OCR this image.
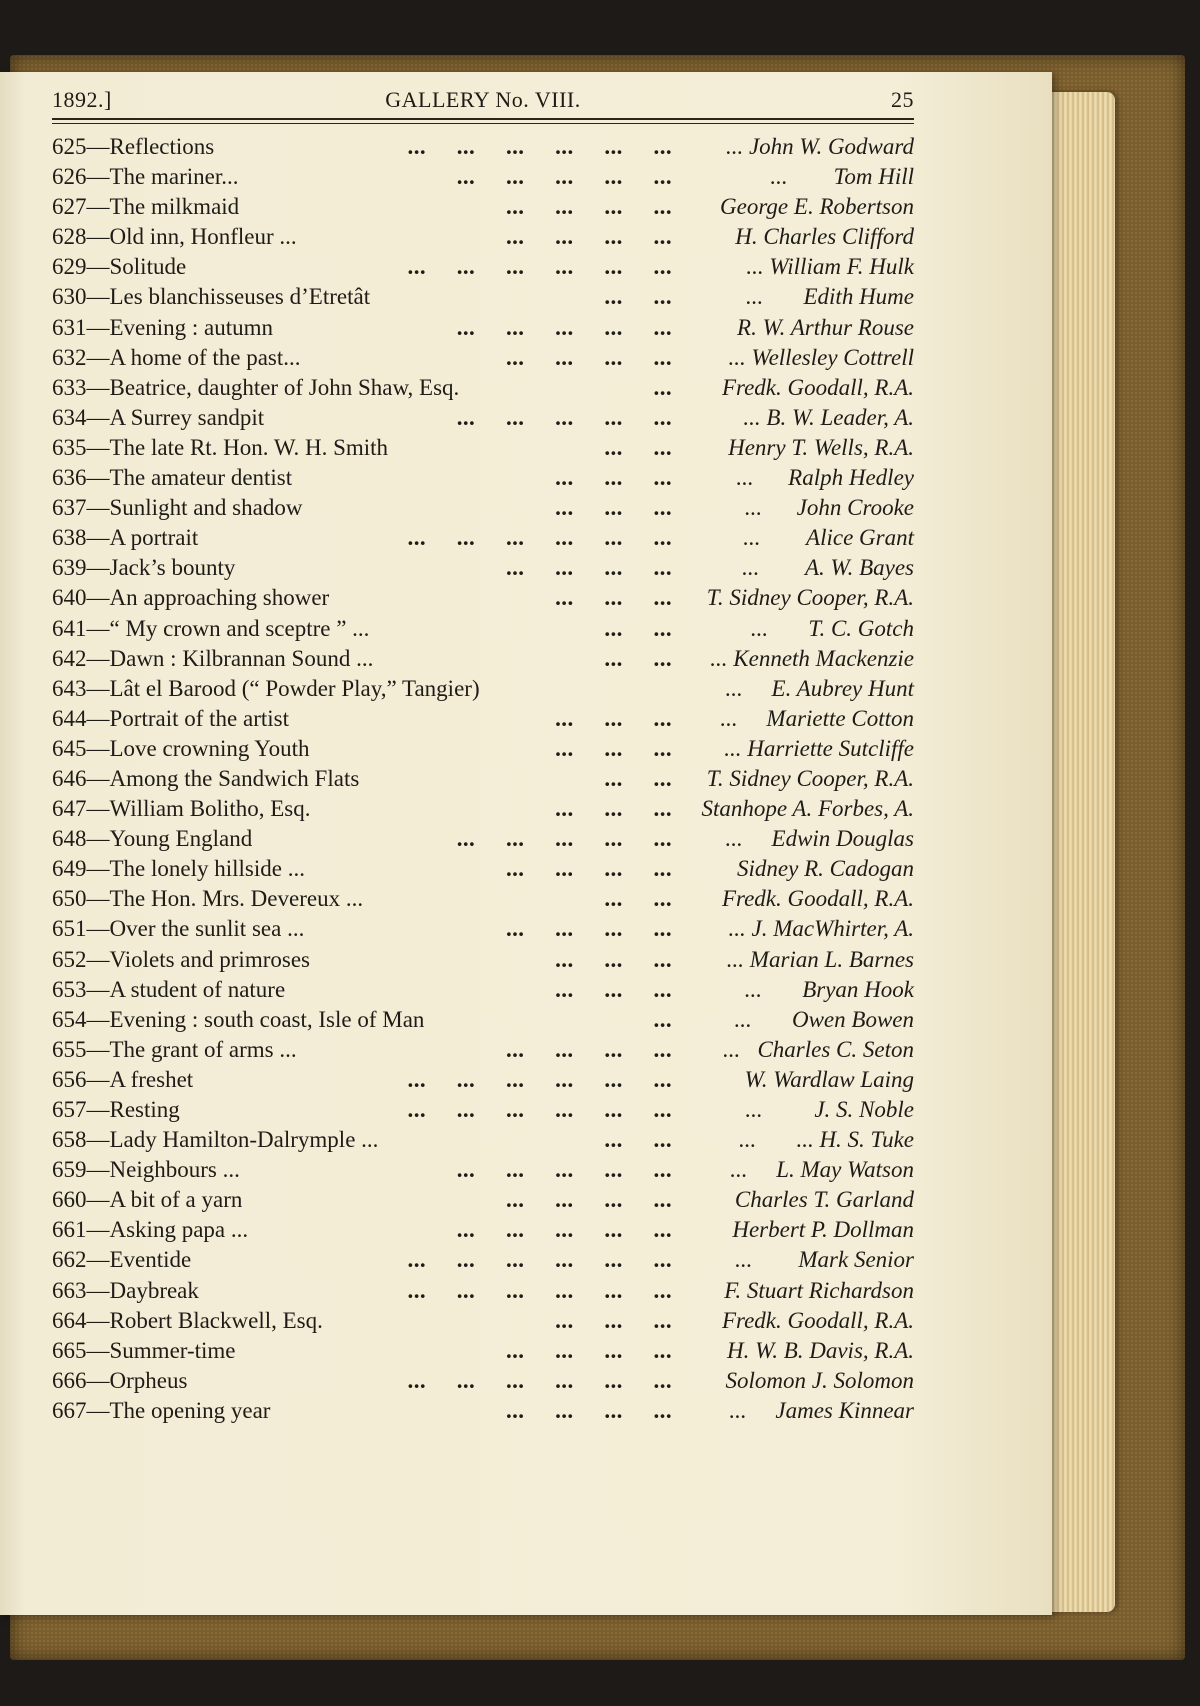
GALLERY No. VIII.
1892.]	25
625—Reflections	...     ...     ...     ...     ...     ... ... John W. Godward
626—The mariner...	...     ...     ...     ...     ...	...        Tom Hill
627—The milkmaid	...     ...     ...     ... George E. Robertson
628—Old inn, Honfleur ...	...     ...     ...     ...	H. Charles Clifford
629—Solitude	...     ...     ...     ...     ...     ...	... William F. Hulk
630—Les blanchisseuses d’Etretât	...     ...	...       Edith Hume
631—Evening : autumn	...     ...     ...     ...     ...	R. W. Arthur Rouse
632—A home of the past...	...     ...     ...     ... ... Wellesley Cottrell
633—Beatrice, daughter of John Shaw, Esq.	... Fredk. Goodall, R.A.
634—A Surrey sandpit	...     ...     ...     ...     ...	... B. W. Leader, A.
635—The late Rt. Hon. W. H. Smith	...     ... Henry T. Wells, R.A.
636—The amateur dentist	...     ...     ...	...      Ralph Hedley
637—Sunlight and shadow	...     ...     ...	...      John Crooke
638—A portrait	...     ...     ...     ...     ...     ...	...        Alice Grant
639—Jack’s bounty	...     ...     ...     ...	...        A. W. Bayes
640—An approaching shower	...     ...     ... T. Sidney Cooper, R.A.
641—“ My crown and sceptre ” ...	...     ...	...       T. C. Gotch
642—Dawn : Kilbrannan Sound ...	...     ... ... Kenneth Mackenzie
643—Lât el Barood (“ Powder Play,” Tangier)	...     E. Aubrey Hunt
644—Portrait of the artist	...     ...     ... ...     Mariette Cotton
645—Love crowning Youth	...     ...     ... ... Harriette Sutcliffe
646—Among the Sandwich Flats	...     ... T. Sidney Cooper, R.A.
647—William Bolitho, Esq.	...     ...     ... Stanhope A. Forbes, A.
648—Young England	...     ...     ...     ...     ... ...     Edwin Douglas
649—The lonely hillside ...	...     ...     ...     ...	Sidney R. Cadogan
650—The Hon. Mrs. Devereux ...	...     ... Fredk. Goodall, R.A.
651—Over the sunlit sea ...	...     ...     ...     ... ... J. MacWhirter, A.
652—Violets and primroses	...     ...     ... ... Marian L. Barnes
653—A student of nature	...     ...     ...	...       Bryan Hook
654—Evening : south coast, Isle of Man	...	...       Owen Bowen
655—The grant of arms ...	...     ...     ...     ... ...   Charles C. Seton
656—A freshet	...     ...     ...     ...     ...     ...	W. Wardlaw Laing
657—Resting	...     ...     ...     ...     ...     ...	...         J. S. Noble
658—Lady Hamilton-Dalrymple ...	...     ...	...       ... H. S. Tuke
659—Neighbours ...	...     ...     ...     ...     ...	...     L. May Watson
660—A bit of a yarn	...     ...     ...     ...	Charles T. Garland
661—Asking papa ...	...     ...     ...     ...     ...	Herbert P. Dollman
662—Eventide	...     ...     ...     ...     ...     ...	...        Mark Senior
663—Daybreak	...     ...     ...     ...     ...     ... F. Stuart Richardson
664—Robert Blackwell, Esq.	...     ...     ... Fredk. Goodall, R.A.
665—Summer-time	...     ...     ...     ... H. W. B. Davis, R.A.
666—Orpheus	...     ...     ...     ...     ...     ... Solomon J. Solomon
667—The opening year	...     ...     ...     ... ...     James Kinnear
